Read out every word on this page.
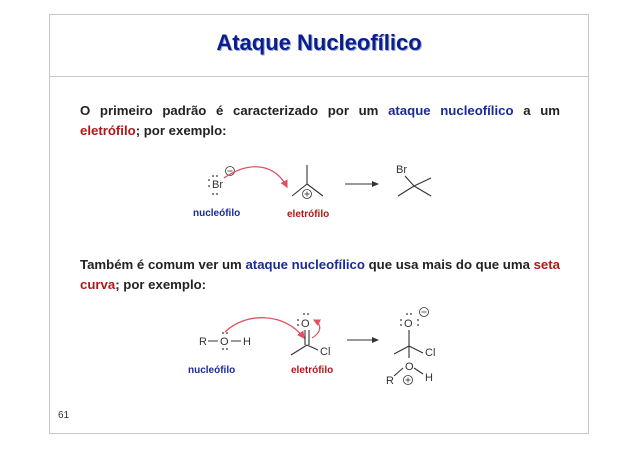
Ataque Nucleofílico
O primeiro padrão é caracterizado por um ataque nucleofílico a um eletrófilo; por exemplo:
Também é comum ver um ataque nucleofílico que usa mais do que uma seta curva; por exemplo:
Br
Br
nucleófilo	eletrófilo
R O H
O
Cl
O
Cl
O
R	H
nucleófilo	eletrófilo
61
